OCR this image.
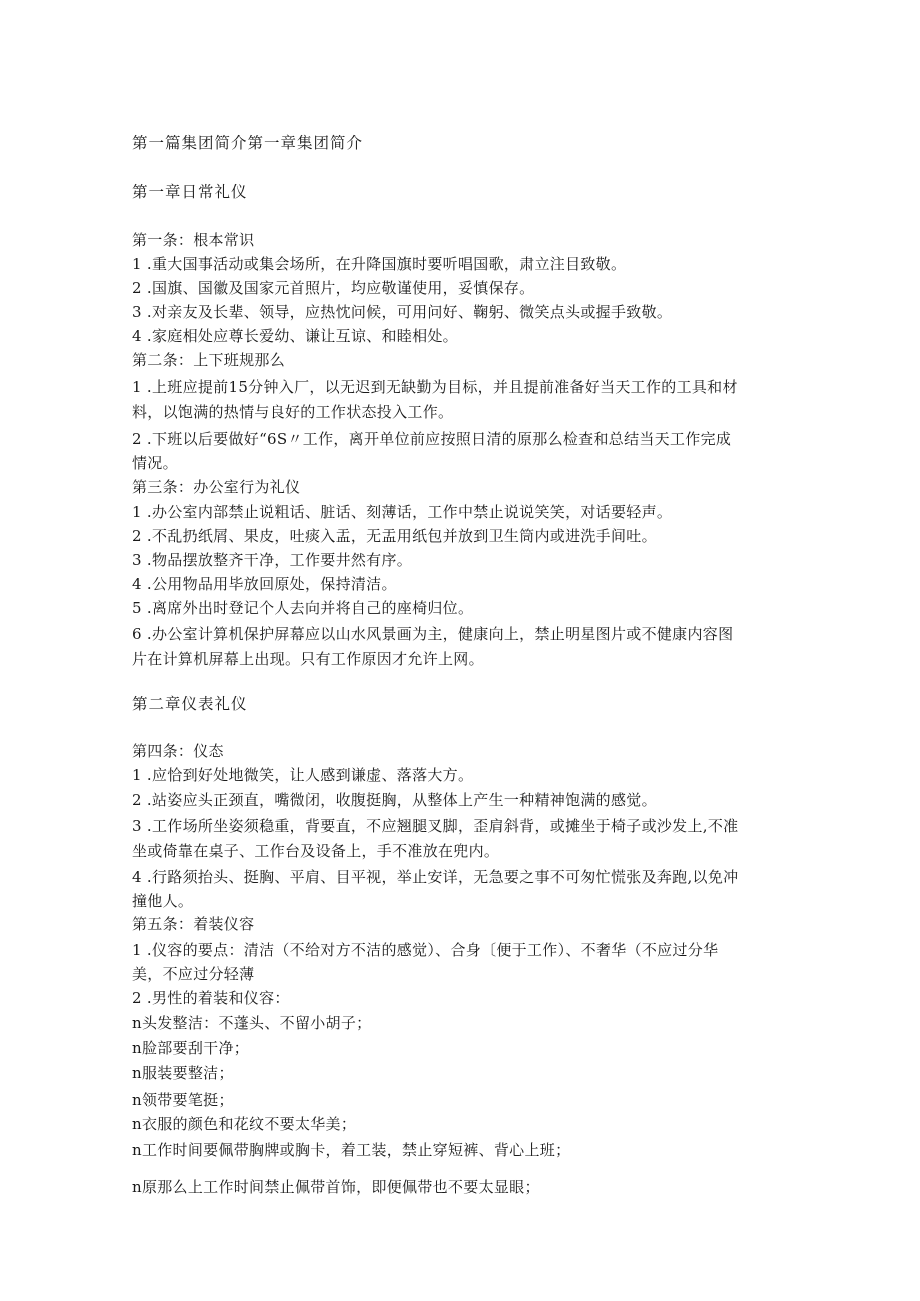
第一篇集团简介第一章集团简介
第一章日常礼仪
第一条：根本常识
1 .重大国事活动或集会场所，在升降国旗时要听唱国歌，肃立注目致敬。
2 .国旗、国徽及国家元首照片，均应敬谨使用，妥慎保存。
3 .对亲友及长辈、领导，应热忱问候，可用问好、鞠躬、微笑点头或握手致敬。
4 .家庭相处应尊长爱幼、谦让互谅、和睦相处。
第二条：上下班规那么
1 .上班应提前15分钟入厂，以无迟到无缺勤为目标，并且提前准备好当天工作的工具和材
料，以饱满的热情与良好的工作状态投入工作。
2 .下班以后要做好“6S〃工作，离开单位前应按照日清的原那么检查和总结当天工作完成
情况。
第三条：办公室行为礼仪
1 .办公室内部禁止说粗话、脏话、刻薄话，工作中禁止说说笑笑，对话要轻声。
2 .不乱扔纸屑、果皮，吐痰入盂，无盂用纸包并放到卫生筒内或进洗手间吐。
3 .物品摆放整齐干净，工作要井然有序。
4 .公用物品用毕放回原处，保持清洁。
5 .离席外出时登记个人去向并将自己的座椅归位。
6 .办公室计算机保护屏幕应以山水风景画为主，健康向上，禁止明星图片或不健康内容图
片在计算机屏幕上出现。只有工作原因才允许上网。
第二章仪表礼仪
第四条：仪态
1 .应恰到好处地微笑，让人感到谦虚、落落大方。
2 .站姿应头正颈直，嘴微闭，收腹挺胸，从整体上产生一种精神饱满的感觉。
3 .工作场所坐姿须稳重，背要直，不应翘腿叉脚，歪肩斜背，或摊坐于椅子或沙发上,不准
坐或倚靠在桌子、工作台及设备上，手不准放在兜内。
4 .行路须抬头、挺胸、平肩、目平视，举止安详，无急要之事不可匆忙慌张及奔跑,以免冲
撞他人。
第五条：着装仪容
1 .仪容的要点：清洁（不给对方不洁的感觉）、合身〔便于工作）、不奢华（不应过分华
美，不应过分轻薄
2 .男性的着装和仪容：
n头发整洁：不蓬头、不留小胡子；
n脸部要刮干净；
n服装要整洁；
n领带要笔挺；
n衣服的颜色和花纹不要太华美；
n工作时间要佩带胸牌或胸卡，着工装，禁止穿短裤、背心上班；
n原那么上工作时间禁止佩带首饰，即便佩带也不要太显眼；
